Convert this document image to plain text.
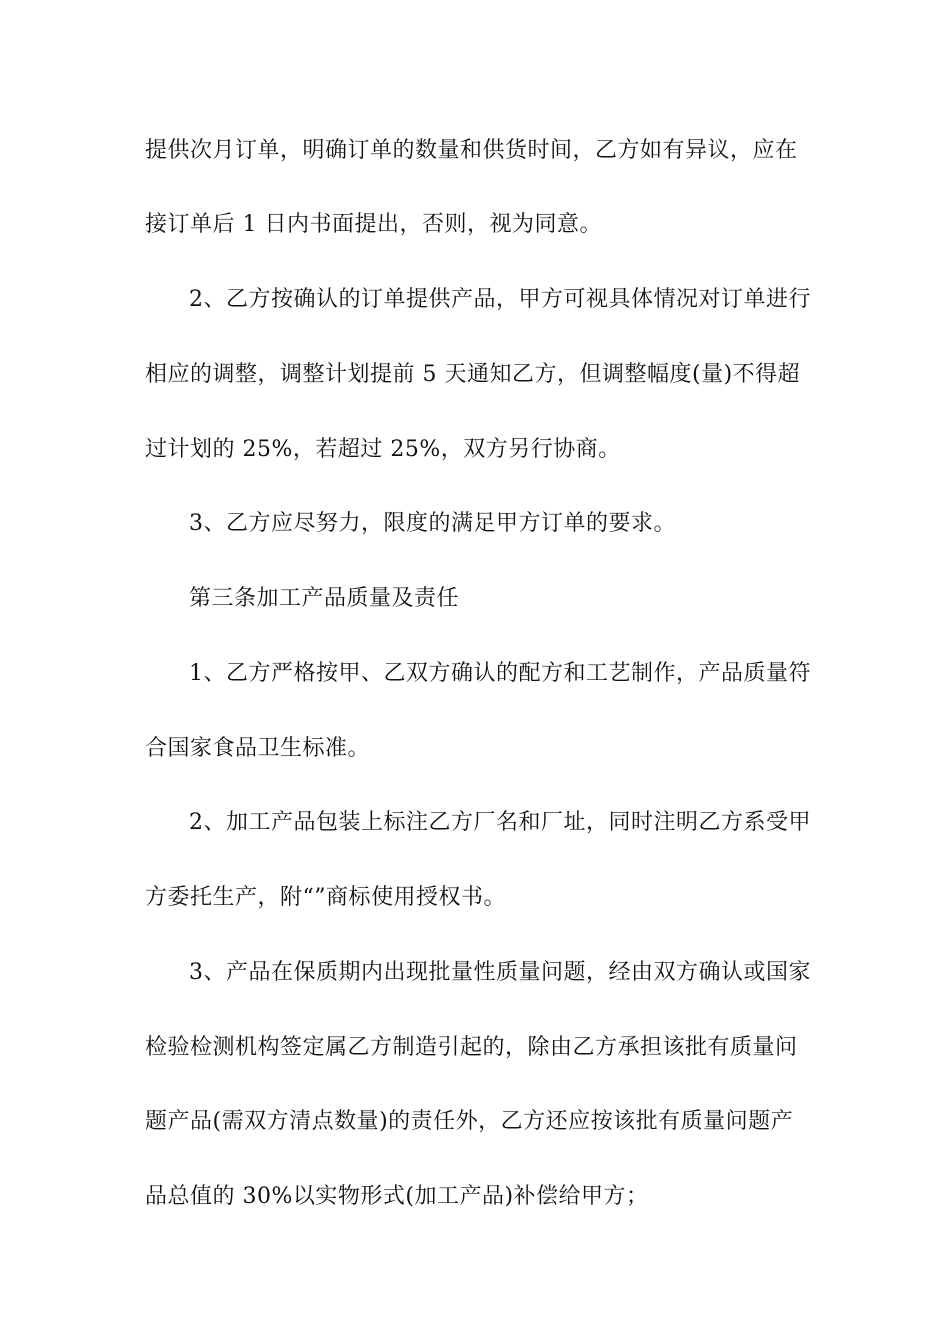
提供次月订单，明确订单的数量和供货时间，乙方如有异议，应在
接订单后 1 日内书面提出，否则，视为同意。
2、乙方按确认的订单提供产品，甲方可视具体情况对订单进行
相应的调整，调整计划提前 5 天通知乙方，但调整幅度(量)不得超
过计划的 25%，若超过 25%，双方另行协商。
3、乙方应尽努力，限度的满足甲方订单的要求。
第三条加工产品质量及责任
1、乙方严格按甲、乙双方确认的配方和工艺制作，产品质量符
合国家食品卫生标准。
2、加工产品包装上标注乙方厂名和厂址，同时注明乙方系受甲
方委托生产，附“”商标使用授权书。
3、产品在保质期内出现批量性质量问题，经由双方确认或国家
检验检测机构签定属乙方制造引起的，除由乙方承担该批有质量问
题产品(需双方清点数量)的责任外，乙方还应按该批有质量问题产
品总值的 30%以实物形式(加工产品)补偿给甲方；
